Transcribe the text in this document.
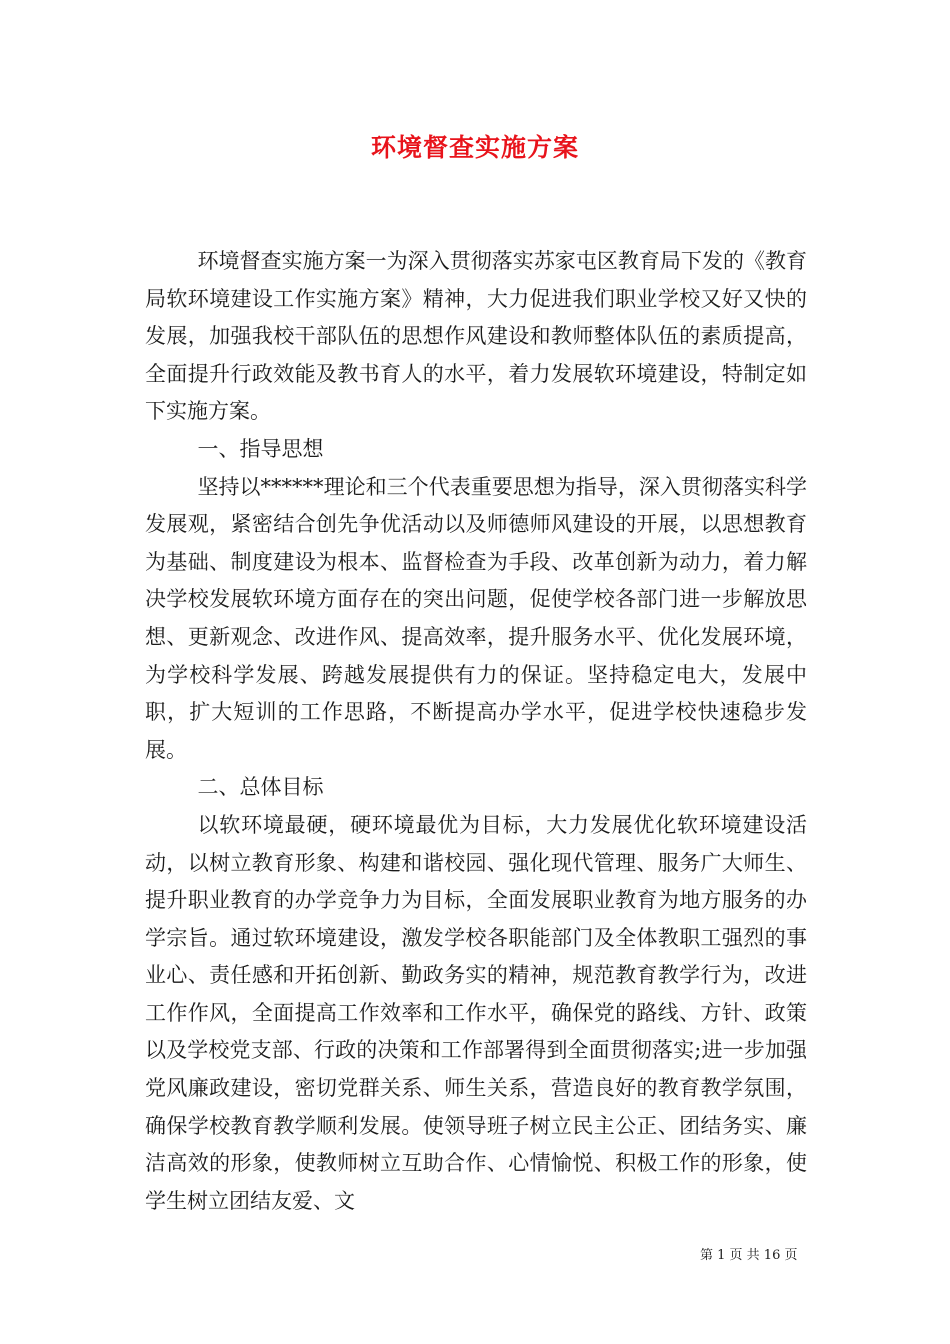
环境督查实施方案

环境督查实施方案一为深入贯彻落实苏家屯区教育局下发的《教育局软环境建设工作实施方案》精神，大力促进我们职业学校又好又快的发展，加强我校干部队伍的思想作风建设和教师整体队伍的素质提高，全面提升行政效能及教书育人的水平，着力发展软环境建设，特制定如下实施方案。

一、指导思想

坚持以******理论和三个代表重要思想为指导，深入贯彻落实科学发展观，紧密结合创先争优活动以及师德师风建设的开展，以思想教育为基础、制度建设为根本、监督检查为手段、改革创新为动力，着力解决学校发展软环境方面存在的突出问题，促使学校各部门进一步解放思想、更新观念、改进作风、提高效率，提升服务水平、优化发展环境，为学校科学发展、跨越发展提供有力的保证。坚持稳定电大，发展中职，扩大短训的工作思路，不断提高办学水平，促进学校快速稳步发展。

二、总体目标

以软环境最硬，硬环境最优为目标，大力发展优化软环境建设活动，以树立教育形象、构建和谐校园、强化现代管理、服务广大师生、提升职业教育的办学竞争力为目标，全面发展职业教育为地方服务的办学宗旨。通过软环境建设，激发学校各职能部门及全体教职工强烈的事业心、责任感和开拓创新、勤政务实的精神，规范教育教学行为，改进工作作风，全面提高工作效率和工作水平，确保党的路线、方针、政策以及学校党支部、行政的决策和工作部署得到全面贯彻落实;进一步加强党风廉政建设，密切党群关系、师生关系，营造良好的教育教学氛围，确保学校教育教学顺利发展。使领导班子树立民主公正、团结务实、廉洁高效的形象，使教师树立互助合作、心情愉悦、积极工作的形象，使学生树立团结友爱、文

第 1 页 共 16 页
